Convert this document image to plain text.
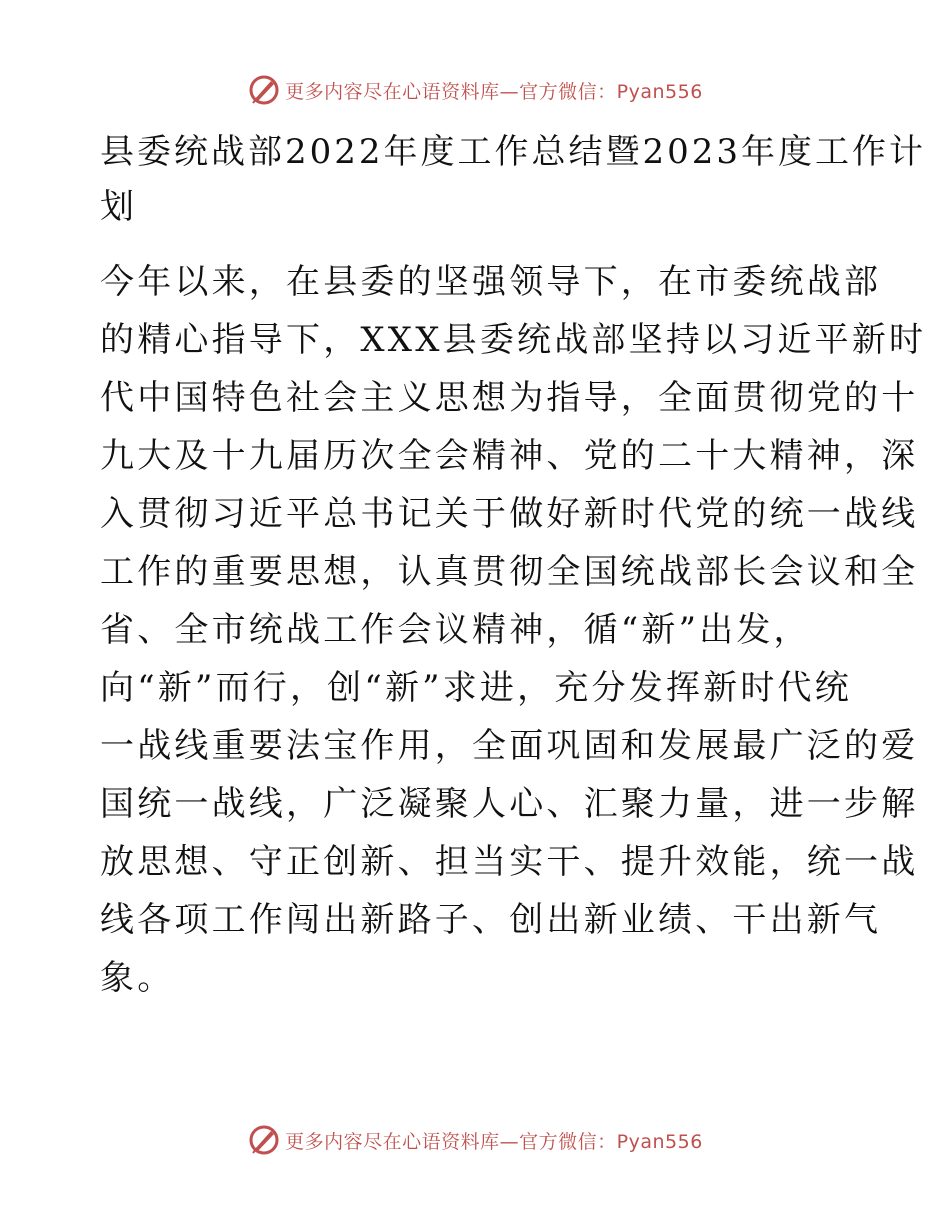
更多内容尽在心语资料库—官方微信：Pyan556
县委统战部2022年度工作总结暨2023年度工作计
划
今年以来，在县委的坚强领导下，在市委统战部
的精心指导下，XXX县委统战部坚持以习近平新时
代中国特色社会主义思想为指导，全面贯彻党的十
九大及十九届历次全会精神、党的二十大精神，深
入贯彻习近平总书记关于做好新时代党的统一战线
工作的重要思想，认真贯彻全国统战部长会议和全
省、全市统战工作会议精神，循“新”出发，
向“新”而行，创“新”求进，充分发挥新时代统
一战线重要法宝作用，全面巩固和发展最广泛的爱
国统一战线，广泛凝聚人心、汇聚力量，进一步解
放思想、守正创新、担当实干、提升效能，统一战
线各项工作闯出新路子、创出新业绩、干出新气
象。
更多内容尽在心语资料库—官方微信：Pyan556
